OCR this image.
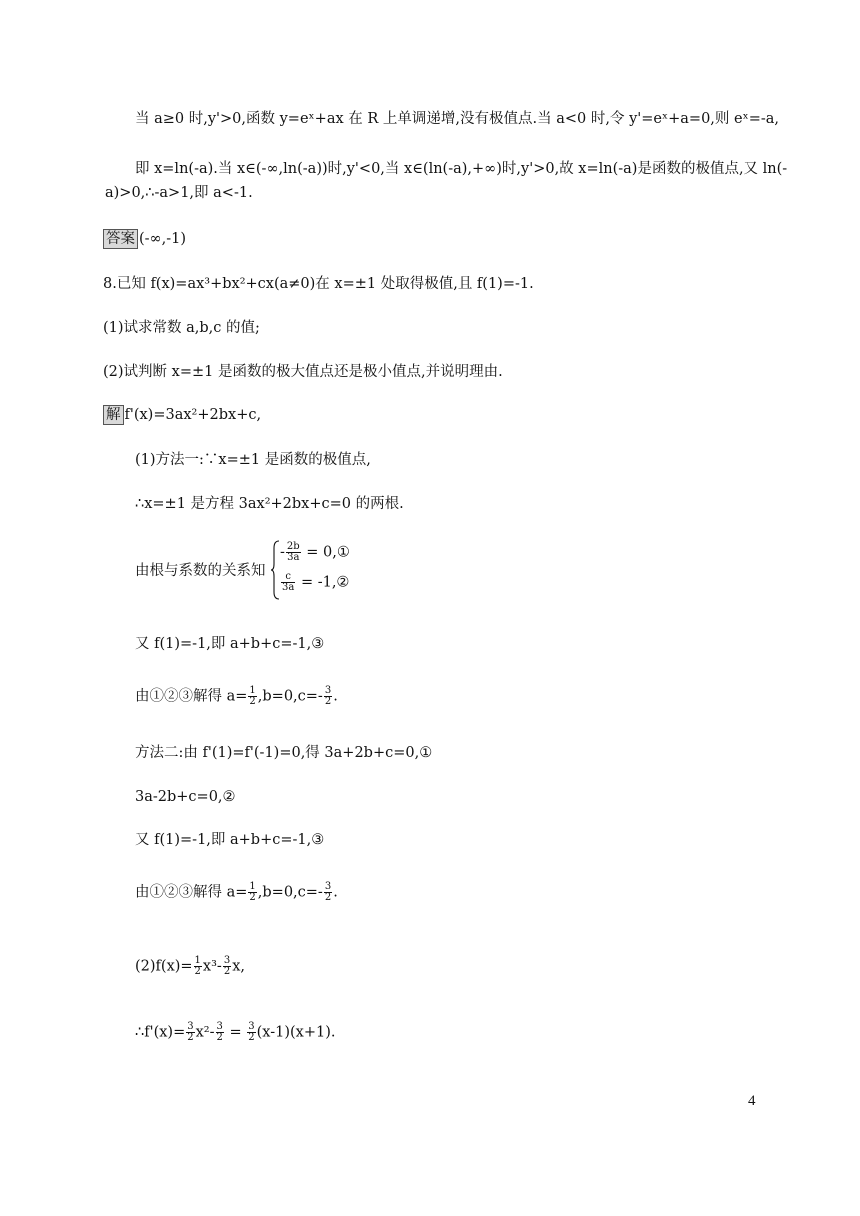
当 a≥0 时,y'>0,函数 y=eˣ+ax 在 R 上单调递增,没有极值点.当 a<0 时,令 y'=eˣ+a=0,则 eˣ=-a,
即 x=ln(-a).当 x∈(-∞,ln(-a))时,y'<0,当 x∈(ln(-a),+∞)时,y'>0,故 x=ln(-a)是函数的极值点,又 ln(-
a)>0,∴-a>1,即 a<-1.
答案 (-∞,-1)
8.已知 f(x)=ax³+bx²+cx(a≠0)在 x=±1 处取得极值,且 f(1)=-1.
(1)试求常数 a,b,c 的值;
(2)试判断 x=±1 是函数的极大值点还是极小值点,并说明理由.
解 f'(x)=3ax²+2bx+c,
(1)方法一:∵x=±1 是函数的极值点,
∴x=±1 是方程 3ax²+2bx+c=0 的两根.
由根与系数的关系知
- $\frac{2b}{3a}$ = 0,①
$\frac{c}{3a}$ = -1,②
又 f(1)=-1,即 a+b+c=-1,③
由①②③解得 $a= \frac{1}{2} ,b=0,c=- \frac{3}{2}$ .
方法二:由 f'(1)=f'(-1)=0,得 3a+2b+c=0,①
3a-2b+c=0,②
又 f(1)=-1,即 a+b+c=-1,③
由①②③解得 $a= \frac{1}{2} ,b=0,c=- \frac{3}{2}$ .
$(2)f(x)= \frac{1}{2} x^3- \frac{3}{2} x$,
∴f'(x)= $\frac{3}{2} x^2- \frac{3}{2} = \frac{3}{2} (x-1)(x+1)$.
4
